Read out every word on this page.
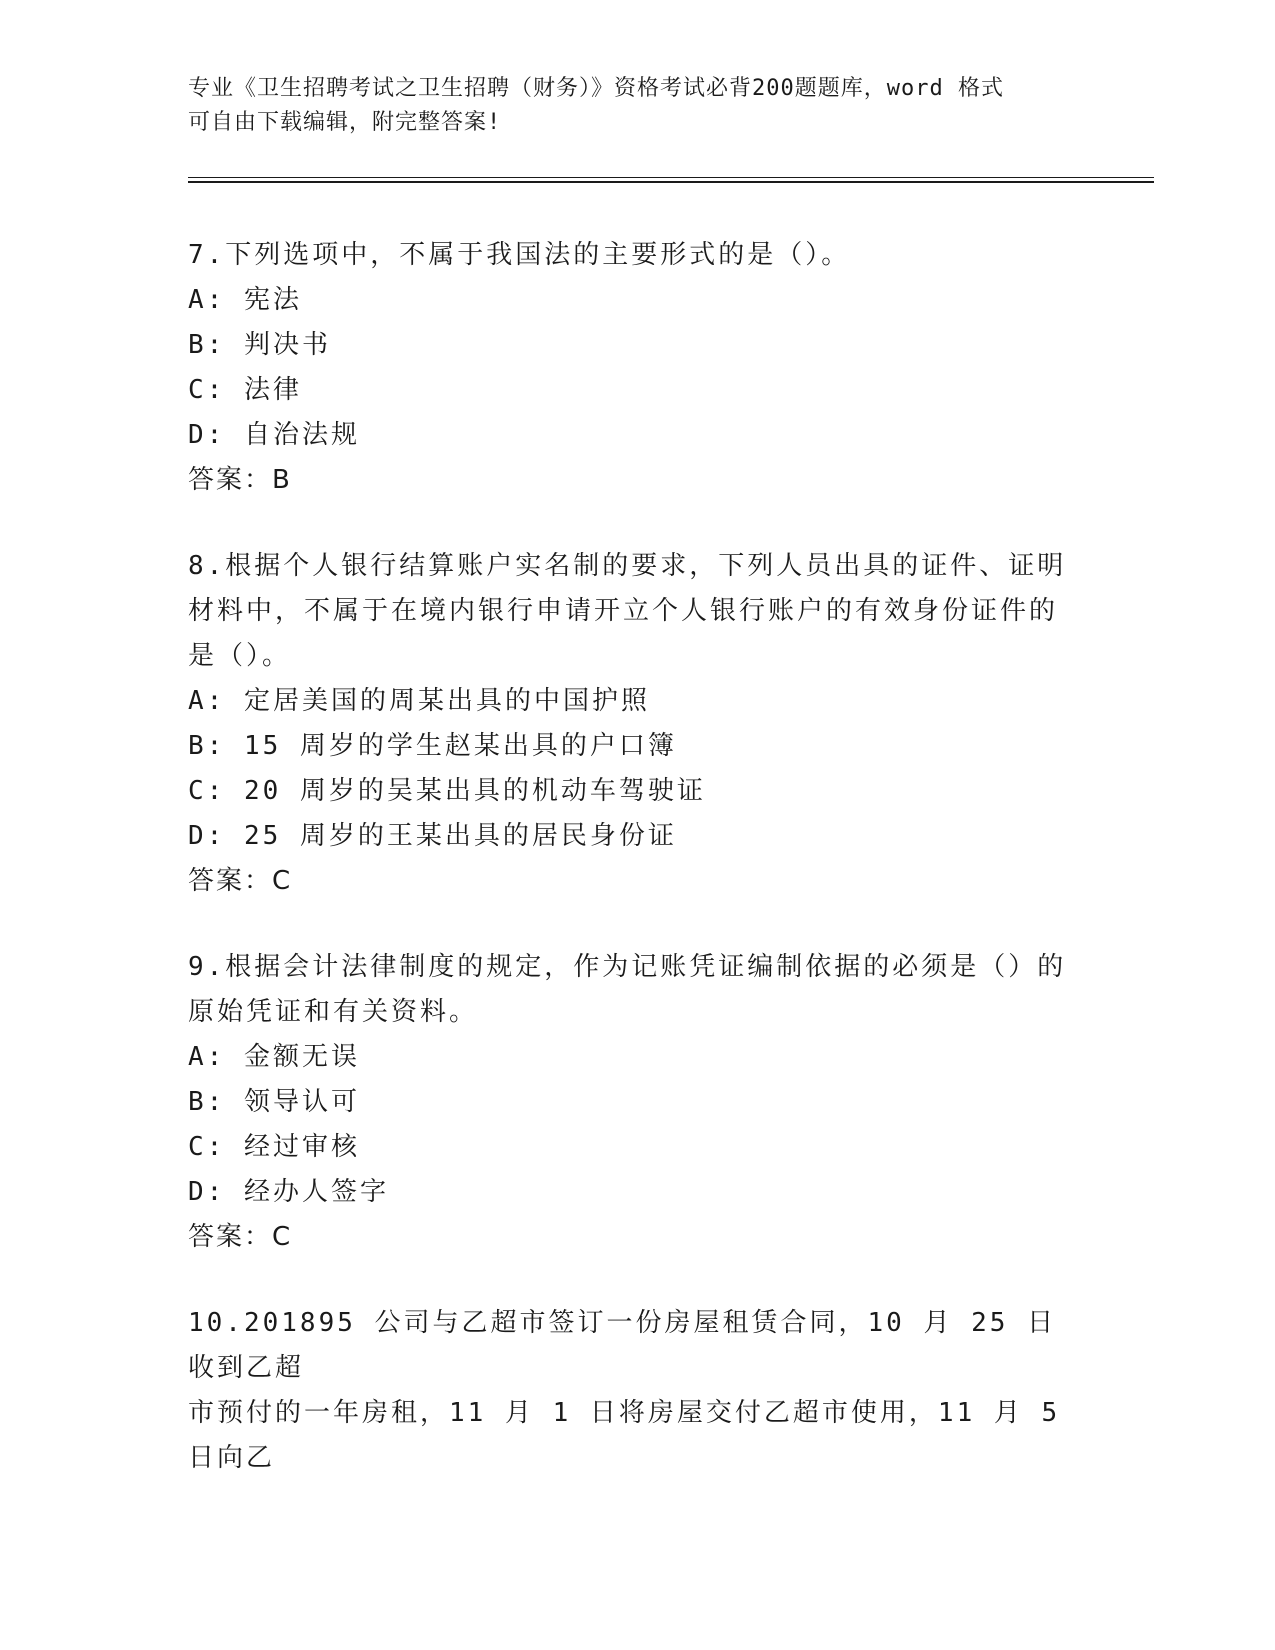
专业《卫生招聘考试之卫生招聘（财务）》资格考试必背200题题库，word 格式

可自由下载编辑，附完整答案!

7.下列选项中，不属于我国法的主要形式的是（）。

A: 宪法
B: 判决书
C: 法律
D: 自治法规

答案：B

8.根据个人银行结算账户实名制的要求，下列人员出具的证件、证明

材料中，不属于在境内银行申请开立个人银行账户的有效身份证件的

是（）。

A: 定居美国的周某出具的中国护照
B: 15 周岁的学生赵某出具的户口簿
C: 20 周岁的吴某出具的机动车驾驶证
D: 25 周岁的王某出具的居民身份证

答案：C

9.根据会计法律制度的规定，作为记账凭证编制依据的必须是（）的

原始凭证和有关资料。

A: 金额无误
B: 领导认可
C: 经过审核
D: 经办人签字

答案：C

10.201895 公司与乙超市签订一份房屋租赁合同，10 月 25 日收到乙超

市预付的一年房租，11 月 1 日将房屋交付乙超市使用，11 月 5 日向乙
